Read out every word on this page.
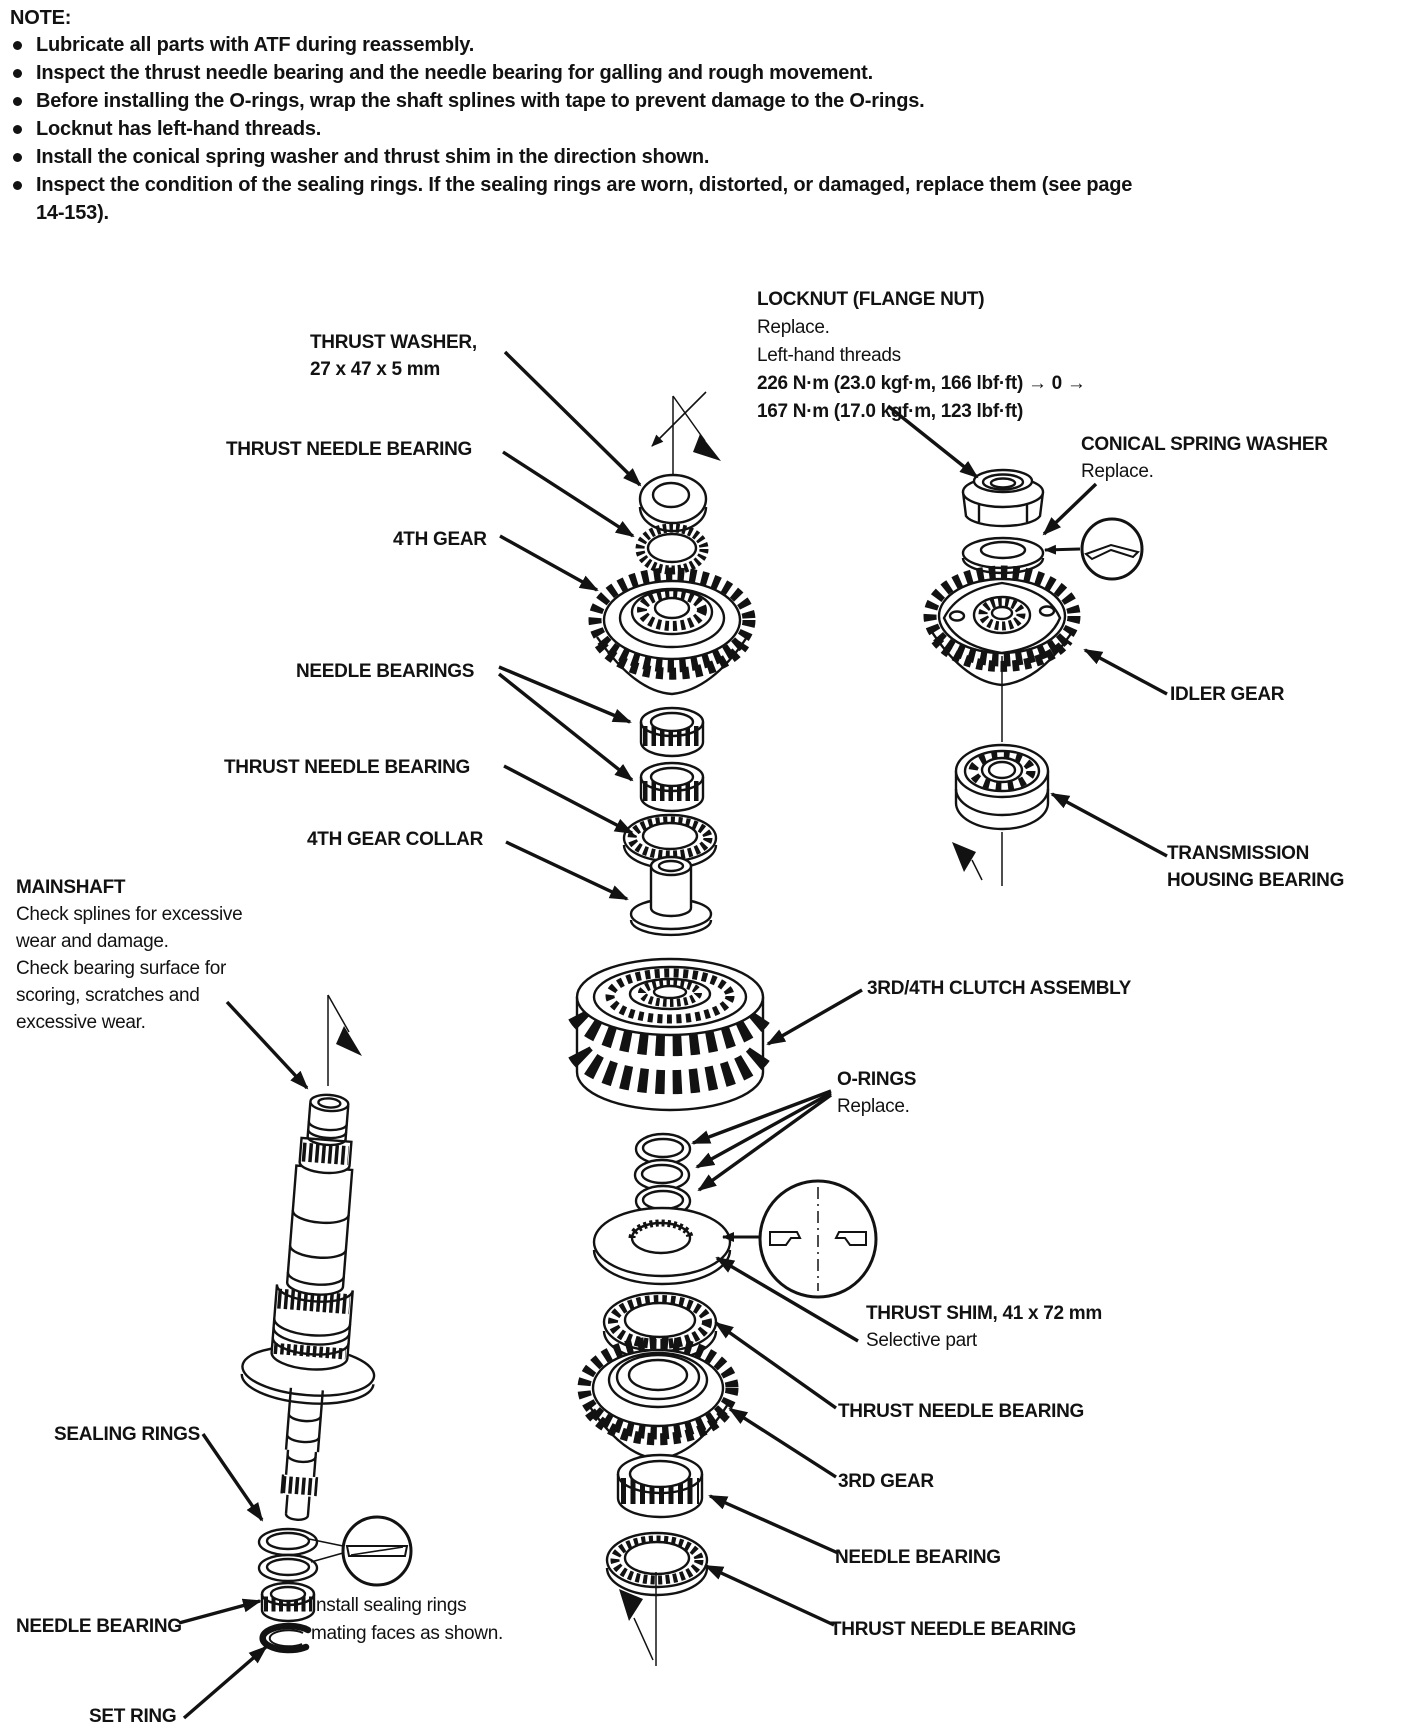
NOTE:
Lubricate all parts with ATF during reassembly.
Inspect the thrust needle bearing and the needle bearing for galling and rough movement.
Before installing the O-rings, wrap the shaft splines with tape to prevent damage to the O-rings.
Locknut has left-hand threads.
Install the conical spring washer and thrust shim in the direction shown.
Inspect the condition of the sealing rings. If the sealing rings are worn, distorted, or damaged, replace them (see page
14-153).
THRUST WASHER,
27 x 47 x 5 mm
THRUST NEEDLE BEARING
4TH GEAR
NEEDLE BEARINGS
THRUST NEEDLE BEARING
4TH GEAR COLLAR
MAINSHAFT
Check splines for excessive
wear and damage.
Check bearing surface for
scoring, scratches and
excessive wear.
LOCKNUT (FLANGE NUT)
Replace.
Left-hand threads
226 N·m (23.0 kgf·m, 166 lbf·ft) → 0 →
167 N·m (17.0 kgf·m, 123 lbf·ft)
CONICAL SPRING WASHER
Replace.
IDLER GEAR
TRANSMISSION
HOUSING BEARING
3RD/4TH CLUTCH ASSEMBLY
O-RINGS
Replace.
THRUST SHIM, 41 x 72 mm
Selective part
THRUST NEEDLE BEARING
3RD GEAR
NEEDLE BEARING
THRUST NEEDLE BEARING
SEALING RINGS
NEEDLE BEARING
SET RING
Install sealing rings
mating faces as shown.
